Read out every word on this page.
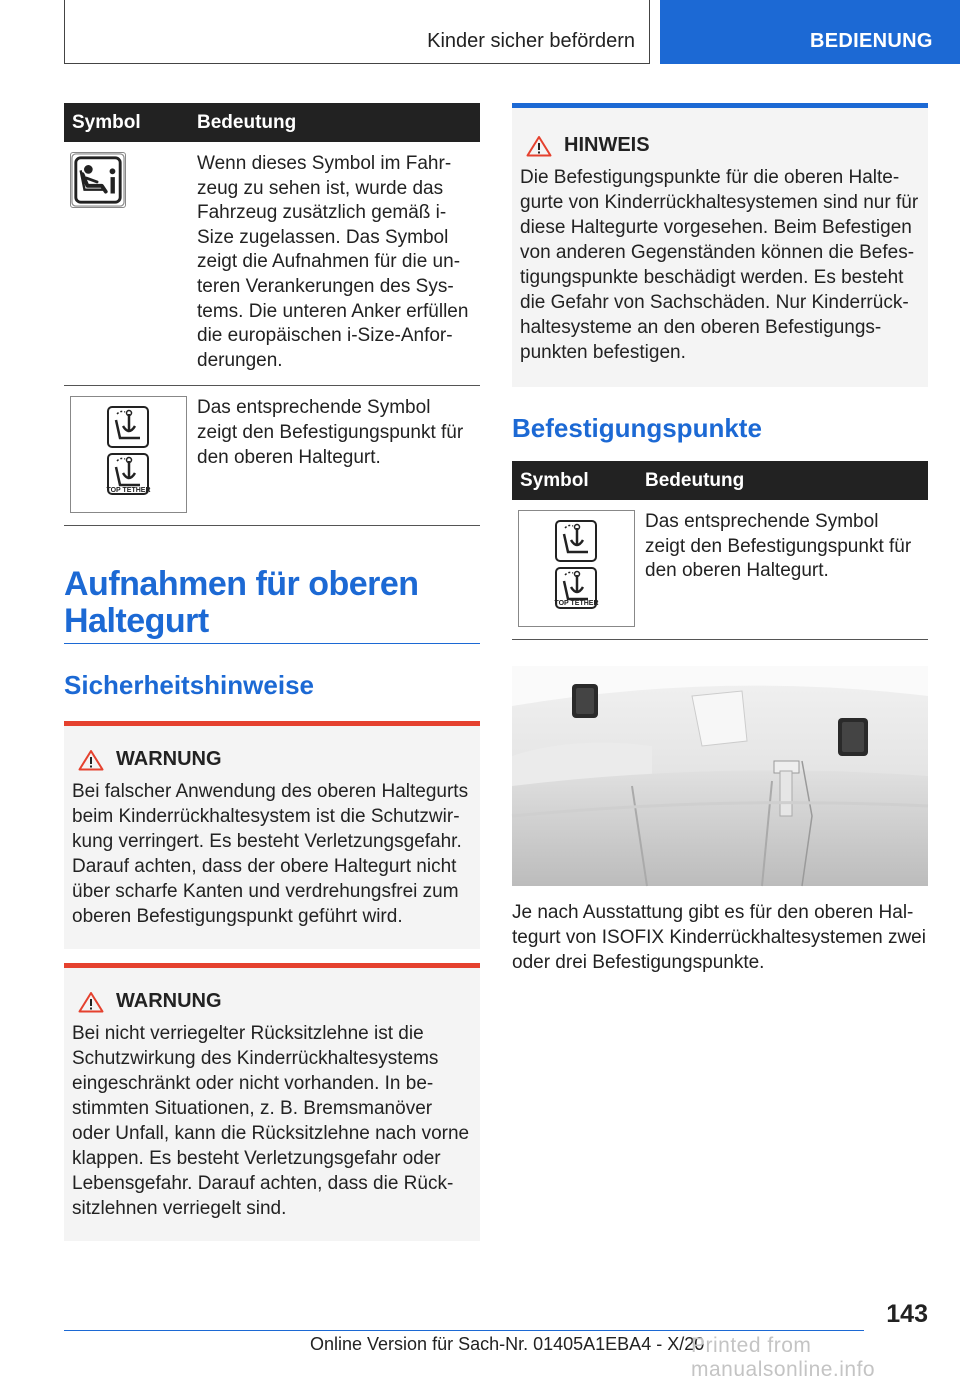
Kinder sicher befördern	BEDIENUNG
Symbol	Bedeutung
	Wenn dieses Symbol im Fahrzeug zu sehen ist, wurde das Fahrzeug zusätzlich gemäß i-Size zugelassen. Das Symbol zeigt die Aufnahmen für die unteren Verankerungen des Systems. Die unteren Anker erfüllen die europäischen i-Size-Anforderungen.

TOP TETHER	Das entsprechende Symbol zeigt den Befestigungspunkt für den oberen Haltegurt.
Aufnahmen für oberen Haltegurt
Sicherheitshinweise
WARNUNG

Bei falscher Anwendung des oberen Haltegurts beim Kinderrückhaltesystem ist die Schutzwirkung verringert. Es besteht Verletzungsgefahr. Darauf achten, dass der obere Haltegurt nicht über scharfe Kanten und verdrehungsfrei zum oberen Befestigungspunkt geführt wird.

WARNUNG

Bei nicht verriegelter Rücksitzlehne ist die Schutzwirkung des Kinderrückhaltesystems eingeschränkt oder nicht vorhanden. In bestimmten Situationen, z. B. Bremsmanöver oder Unfall, kann die Rücksitzlehne nach vorne klappen. Es besteht Verletzungsgefahr oder Lebensgefahr. Darauf achten, dass die Rücksitzlehnen verriegelt sind.

HINWEIS

Die Befestigungspunkte für die oberen Haltegurte von Kinderrückhaltesystemen sind nur für diese Haltegurte vorgesehen. Beim Befestigen von anderen Gegenständen können die Befestigungspunkte beschädigt werden. Es besteht die Gefahr von Sachschäden. Nur Kinderrückhaltesysteme an den oberen Befestigungspunkten befestigen.

Befestigungspunkte
Symbol	Bedeutung

TOP TETHER	Das entsprechende Symbol zeigt den Befestigungspunkt für den oberen Haltegurt.

Je nach Ausstattung gibt es für den oberen Haltegurt von ISOFIX Kinderrückhaltesystemen zwei oder drei Befestigungspunkte.

143
Online Version für Sach-Nr. 01405A1EBA4 - X/20
Printed from manualsonline.info
